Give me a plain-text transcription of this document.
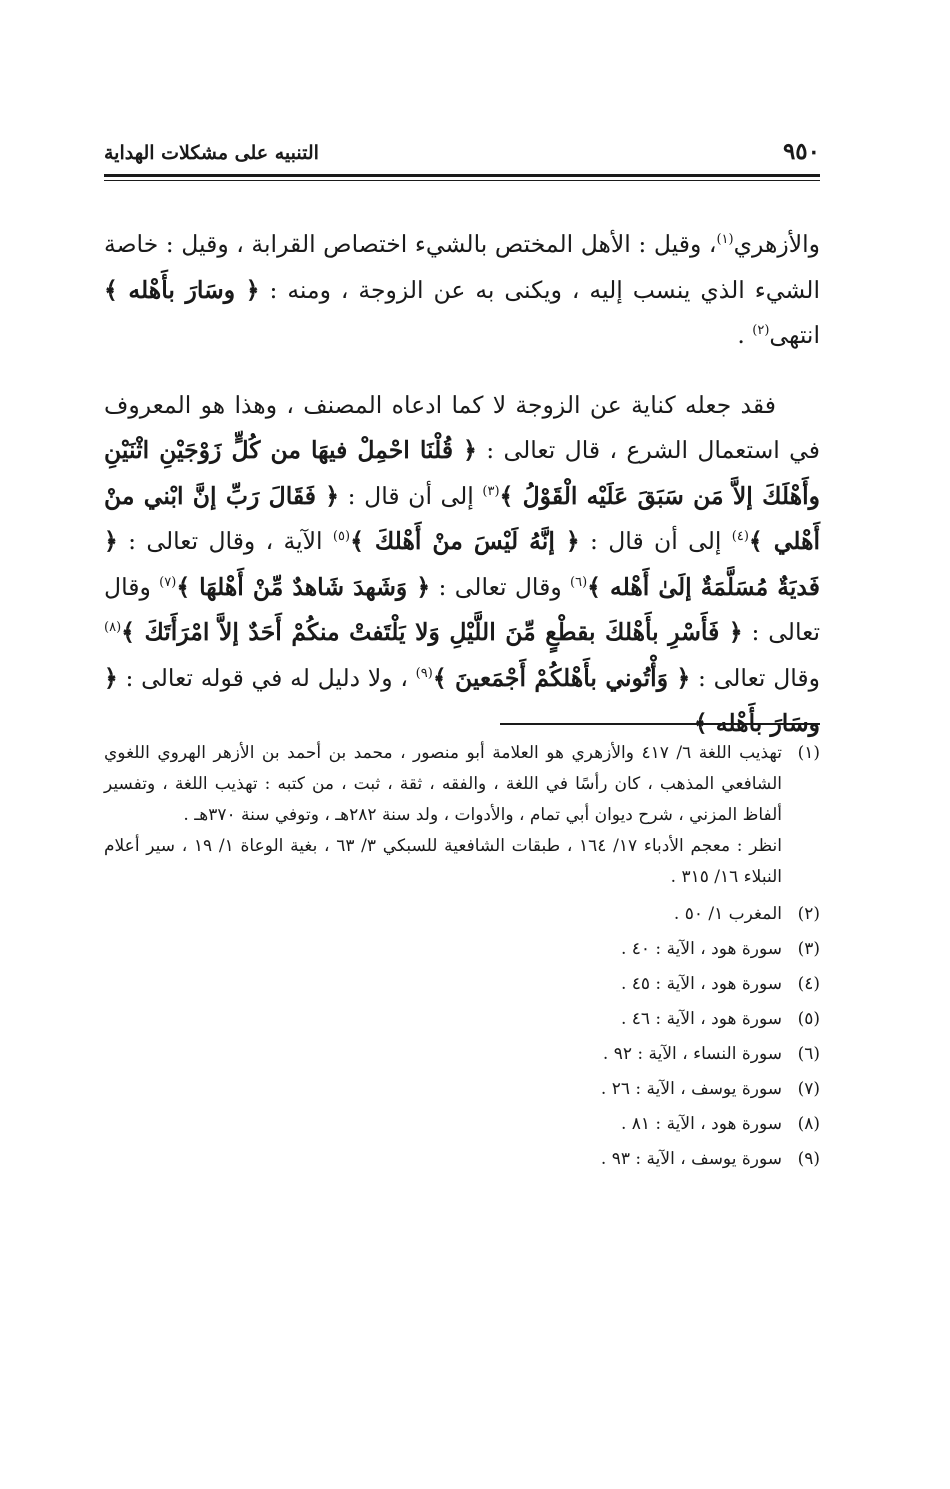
٩٥٠
التنبيه على مشكلات الهداية

والأزهري$^{(١)}$، وقيل : الأهل المختص بالشيء اختصاص القرابة ، وقيل : خاصة الشيء الذي ينسب إليه ، ويكنى به عن الزوجة ، ومنه : ﴿ وسَارَ بأَهْله ﴾ انتهى$^{(٢)}$ .

فقد جعله كناية عن الزوجة لا كما ادعاه المصنف ، وهذا هو المعروف في استعمال الشرع ، قال تعالى : ﴿ قُلْنَا احْمِلْ فيهَا من كُلٍّ زَوْجَيْنِ اثْنَيْنِ وأَهْلَكَ إلاَّ مَن سَبَقَ عَلَيْه الْقَوْلُ ﴾$^{(٣)}$ إلى أن قال : ﴿ فَقَالَ رَبِّ إنَّ ابْني منْ أَهْلي ﴾$^{(٤)}$ إلى أن قال : ﴿ إنَّهُ لَيْسَ منْ أَهْلكَ ﴾$^{(٥)}$ الآية ، وقال تعالى : ﴿ فَديَةٌ مُسَلَّمَةٌ إلَىٰ أَهْله ﴾$^{(٦)}$ وقال تعالى : ﴿ وَشَهدَ شَاهدٌ مِّنْ أَهْلهَا ﴾$^{(٧)}$ وقال تعالى : ﴿ فَأَسْرِ بأَهْلكَ بقطْعٍ مِّنَ اللَّيْلِ وَلا يَلْتَفتْ منكُمْ أَحَدٌ إلاَّ امْرَأَتَكَ ﴾$^{(٨)}$ وقال تعالى : ﴿ وَأْتُوني بأَهْلكُمْ أَجْمَعينَ ﴾$^{(٩)}$ ، ولا دليل له في قوله تعالى : ﴿ وسَارَ بأَهْله ﴾

(١)
تهذيب اللغة ٦/ ٤١٧ والأزهري هو العلامة أبو منصور ، محمد بن أحمد بن الأزهر الهروي اللغوي الشافعي المذهب ، كان رأسًا في اللغة ، والفقه ، ثقة ، ثبت ، من كتبه : تهذيب اللغة ، وتفسير ألفاظ المزني ، شرح ديوان أبي تمام ، والأدوات ، ولد سنة ٢٨٢هـ ، وتوفي سنة ٣٧٠هـ .
انظر : معجم الأدباء ١٧/ ١٦٤ ، طبقات الشافعية للسبكي ٣/ ٦٣ ، بغية الوعاة ١/ ١٩ ، سير أعلام النبلاء ١٦/ ٣١٥ .
(٢)
المغرب ١/ ٥٠ .
(٣)
سورة هود ، الآية : ٤٠ .
(٤)
سورة هود ، الآية : ٤٥ .
(٥)
سورة هود ، الآية : ٤٦ .
(٦)
سورة النساء ، الآية : ٩٢ .
(٧)
سورة يوسف ، الآية : ٢٦ .
(٨)
سورة هود ، الآية : ٨١ .
(٩)
سورة يوسف ، الآية : ٩٣ .
